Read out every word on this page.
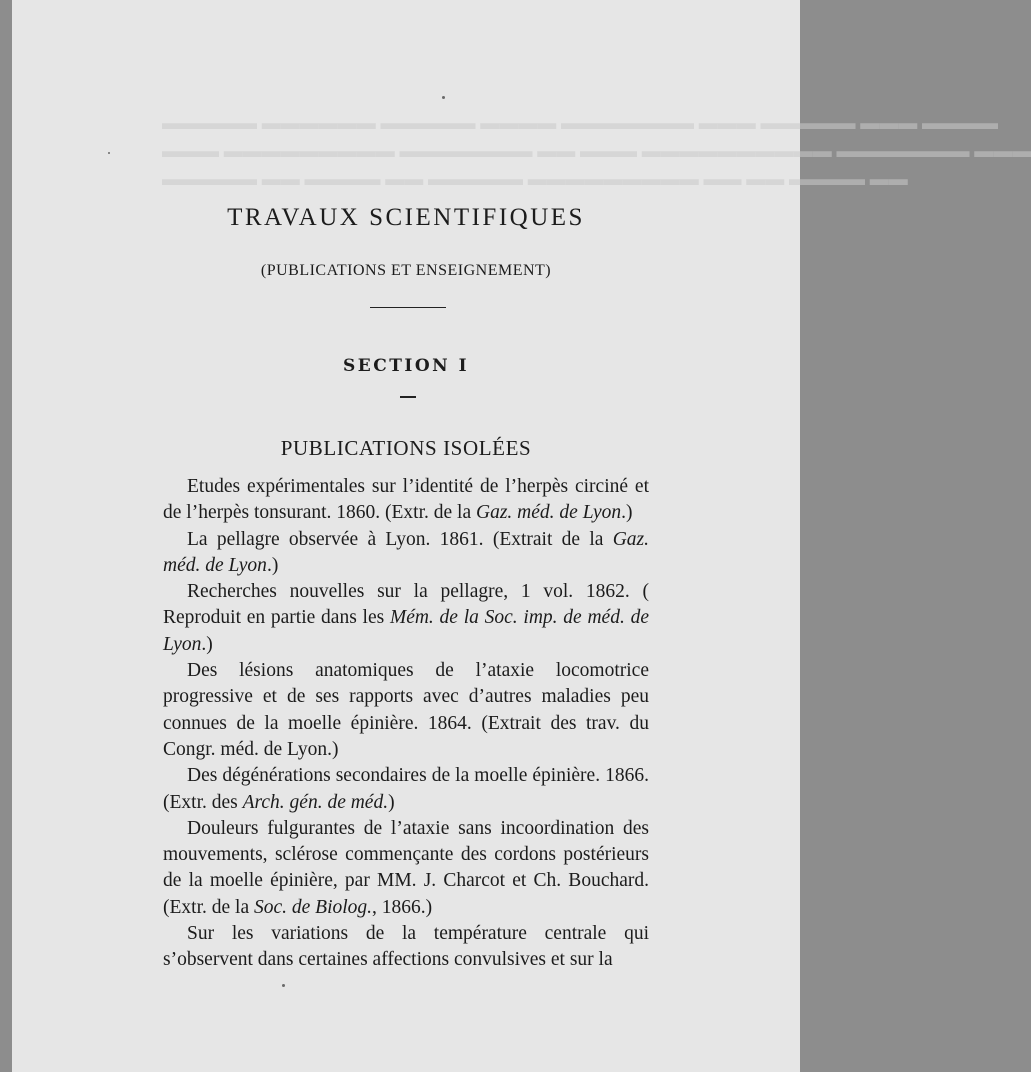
▬▬▬▬▬ ▬▬▬▬▬▬ ▬▬▬▬▬ ▬▬▬▬ ▬▬▬▬▬▬▬ ▬▬▬ ▬▬▬▬▬ ▬▬▬ ▬▬▬▬
▬▬▬ ▬▬▬▬▬▬▬▬▬ ▬▬▬▬▬▬▬ ▬▬ ▬▬▬ ▬▬▬▬▬▬▬▬▬▬ ▬▬▬▬▬▬▬ ▬▬▬
▬▬▬▬▬ ▬▬ ▬▬▬▬ ▬▬ ▬▬▬▬▬ ▬▬▬▬▬▬▬▬▬ ▬▬ ▬▬ ▬▬▬▬ ▬▬
TRAVAUX SCIENTIFIQUES
(PUBLICATIONS ET ENSEIGNEMENT)
SECTION I
PUBLICATIONS ISOLÉES

Etudes expérimentales sur l’identité de l’herpès circiné et de l’herpès tonsurant. 1860. (Extr. de la Gaz. méd. de Lyon.)

La pellagre observée à Lyon. 1861. (Extrait de la Gaz. méd. de Lyon.)

Recherches nouvelles sur la pellagre, 1 vol. 1862. ( Reproduit en partie dans les Mém. de la Soc. imp. de méd. de Lyon.)

Des lésions anatomiques de l’ataxie locomotrice progressive et de ses rapports avec d’autres maladies peu connues de la moelle épinière. 1864. (Extrait des trav. du Congr. méd. de Lyon.)

Des dégénérations secondaires de la moelle épinière. 1866. (Extr. des Arch. gén. de méd.)

Douleurs fulgurantes de l’ataxie sans incoordination des mouvements, sclérose commençante des cordons postérieurs de la moelle épinière, par MM. J. Charcot et Ch. Bouchard. (Extr. de la Soc. de Biolog., 1866.)

Sur les variations de la température centrale qui s’observent dans certaines affections convulsives et sur la
